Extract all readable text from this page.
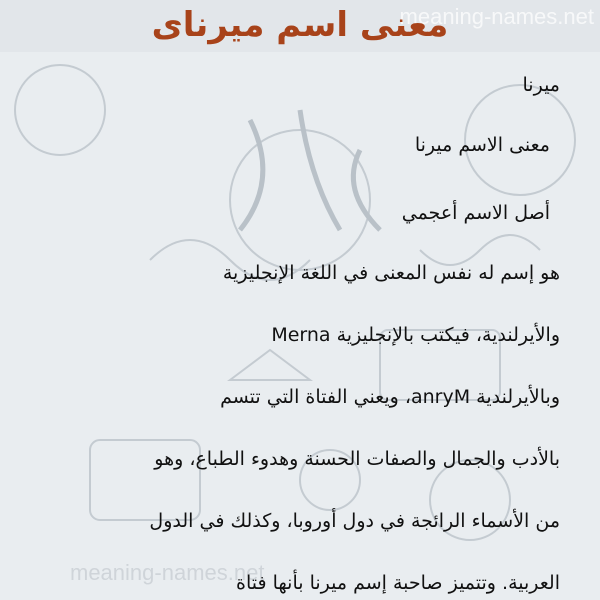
meaning-names.net
معنى اسم ميرناى
ميرنا
معنى الاسم ميرنا
أصل الاسم أعجمي
هو إسم له نفس المعنى في اللغة الإنجليزية
والأيرلندية، فيكتب بالإنجليزية Merna
وبالأيرلندية anryM، ويعني الفتاة التي تتسم
بالأدب والجمال والصفات الحسنة وهدوء الطباع، وهو
من الأسماء الرائجة في دول أوروبا، وكذلك في الدول
العربية. وتتميز صاحبة إسم ميرنا بأنها فتاة
meaning-names.net
